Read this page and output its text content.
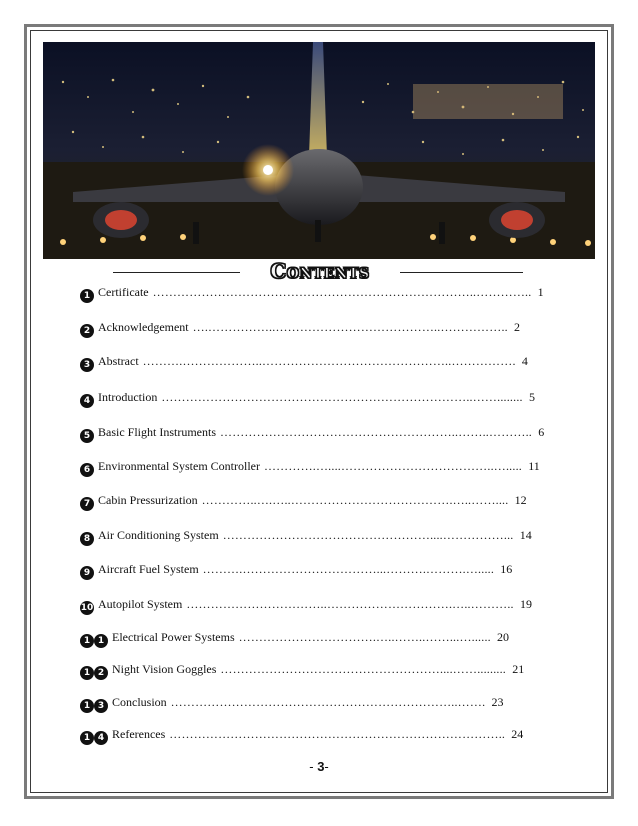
Contents
1 Certificate ……………………………………………………………………..………….. 1
2 Acknowledgement ….……………..…………………………………..…………….. 2
3 Abstract ……….………………..………………………………………..……………. 4
4 Introduction …………………………………………………………………..……........ 5
5 Basic Flight Instruments …………………………………………………..……..……….. 6
6 Environmental System Controller ………….…....………………………………..…..... 11
7 Cabin Pressurization …………..….…..………………………………….…..…….... 12
8 Air Conditioning System ……………………………………………....……………... 14
9 Aircraft Fuel System ……….……………………………...……….……….…..... 16
10 Autopilot System ……………………………..………………………….…..……….. 19
1 1 Electrical Power Systems …………………………….…..……..……...…...... 20
1 2 Night Vision Goggles ………………………………………………....……......... 21
1 3 Conclusion ……………………………………………………………..……. 23
1 4 References ……………………………………………………………………….. 24
- 3-
